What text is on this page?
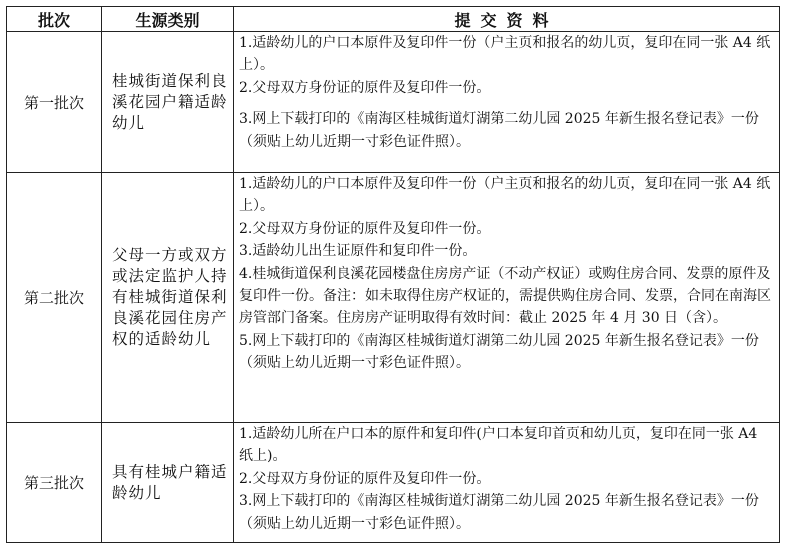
批次	生源类别	提交资料
第一批次	桂城街道保利良溪花园户籍适龄幼儿	1.适龄幼儿的户口本原件及复印件一份（户主页和报名的幼儿页，复印在同一张 A4 纸上）。
2.父母双方身份证的原件及复印件一份。
3.网上下载打印的《南海区桂城街道灯湖第二幼儿园 2025 年新生报名登记表》一份（须贴上幼儿近期一寸彩色证件照）。

第二批次	父母一方或双方或法定监护人持有桂城街道保利良溪花园住房产权的适龄幼儿	1.适龄幼儿的户口本原件及复印件一份（户主页和报名的幼儿页，复印在同一张 A4 纸上）。
2.父母双方身份证的原件及复印件一份。
3.适龄幼儿出生证原件和复印件一份。
4.桂城街道保利良溪花园楼盘住房房产证（不动产权证）或购住房合同、发票的原件及复印件一份。备注：如未取得住房产权证的，需提供购住房合同、发票，合同在南海区房管部门备案。住房房产证明取得有效时间：截止 2025 年 4 月 30 日（含）。
5.网上下载打印的《南海区桂城街道灯湖第二幼儿园 2025 年新生报名登记表》一份（须贴上幼儿近期一寸彩色证件照）。

第三批次	具有桂城户籍适龄幼儿	1.适龄幼儿所在户口本的原件和复印件(户口本复印首页和幼儿页，复印在同一张 A4 纸上)。
2.父母双方身份证的原件及复印件一份。
3.网上下载打印的《南海区桂城街道灯湖第二幼儿园 2025 年新生报名登记表》一份（须贴上幼儿近期一寸彩色证件照）。
